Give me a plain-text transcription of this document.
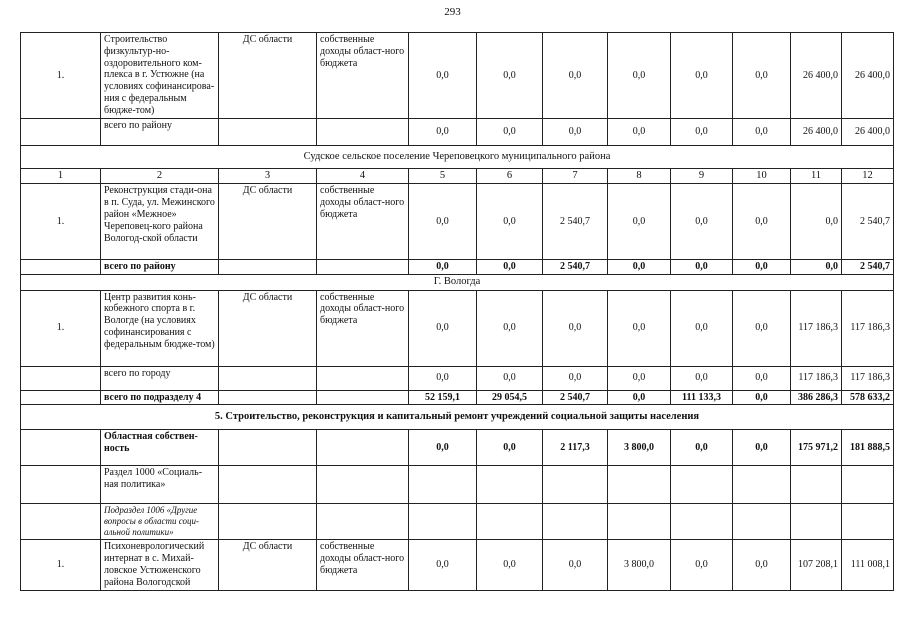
293
1.	Строительство физкультур-но-оздоровительного ком-плекса в г. Устюжне (на условиях софинансирова-ния с федеральным бюдже-том)	ДС области	собственные доходы област-ного бюджета	0,0	0,0	0,0	0,0	0,0	0,0	26 400,0	26 400,0
	всего по району			0,0	0,0	0,0	0,0	0,0	0,0	26 400,0	26 400,0
Судское сельское поселение Череповецкого муниципального района											
1	2	3	4	5	6	7	8	9	10	11	12
1.	Реконструкция стади-она в п. Суда, ул. Межинского район «Межное» Череповец-кого района Вологод-ской области	ДС области	собственные доходы област-ного бюджета	0,0	0,0	2 540,7	0,0	0,0	0,0	0,0	2 540,7
	всего по району			0,0	0,0	2 540,7	0,0	0,0	0,0	0,0	2 540,7
Г. Вологда											
1.	Центр развития конь-кобежного спорта в г. Вологде (на условиях софинансирования с федеральным бюдже-том)	ДС области	собственные доходы област-ного бюджета	0,0	0,0	0,0	0,0	0,0	0,0	117 186,3	117 186,3
	всего по городу			0,0	0,0	0,0	0,0	0,0	0,0	117 186,3	117 186,3
	всего по подразделу 4			52 159,1	29 054,5	2 540,7	0,0	111 133,3	0,0	386 286,3	578 633,2
5. Строительство, реконструкция и капитальный ремонт учреждений социальной защиты населения											
	Областная собствен-ность			0,0	0,0	2 117,3	3 800,0	0,0	0,0	175 971,2	181 888,5
	Раздел 1000 «Социаль-ная политика»										
	Подраздел 1006 «Другие вопросы в области соци-альной политики»										
1.	Психоневрологический интернат в с. Михай-ловское Устюженского района Вологодской	ДС области	собственные доходы област-ного бюджета	0,0	0,0	0,0	3 800,0	0,0	0,0	107 208,1	111 008,1
